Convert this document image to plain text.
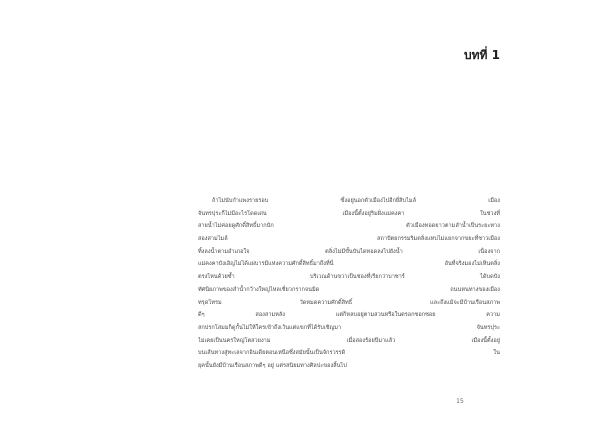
บทที่ 1
ถ้าไม่นับกำแพงรายรอบ ซึ่งอยู่นอกตัวเมืองไปอีกยี่สิบไมล์ เมือง
จันทรปุระก็ไม่มีอะไรโดดเด่น เมืองนี้ตั้งอยู่ริมฝั่งแม่คงคา ในช่วงที่
สายน้ำไม่ค่อยดูศักดิ์สิทธิ์มากนัก ตัวเมืองทอดยาวตามลำน้ำเป็นระยะทาง
สองสามไมล์ สถาปัตยกรรมริมตลิ่งแทบไม่แยกจากขยะที่ชาวเมือง
ทิ้งลงน้ำตามอำเภอใจ ตลิ่งไม่มีขั้นบันไดทอดลงไปยังน้ำ เนื่องจาก
แม่คงคาบังเอิญไม่ได้แผ่บารมีแห่งความศักดิ์สิทธิ์มาถึงที่นี่ อันที่จริงมองไม่เห็นตลิ่ง
ตรงไหนด้วยซ้ำ บริเวณด้านขวาเป็นช่องที่เรียกว่าบาซาร์ ได้บดบัง
ทัศนียภาพของลำน้ำกว้างใหญ่ไหลเชี่ยวกรากจนมิด ถนนหนทางของเมือง
ทรุดโทรม วัดหมดความศักดิ์สิทธิ์ และถึงแม้จะมีบ้านเรือนสภาพ
ดีๆ สองสามหลัง แต่ก็หลบอยู่ตามสวนหรือในตรอกซอกซอย ความ
สกปรกโสมมก็ดูกั้นไม่ให้ใครเข้าถึงเว้นแต่แขกที่ได้รับเชิญมา จันทรปุระ
ไม่เคยเป็นนครใหญ่โตสวยงาม เมื่อสองร้อยปีมาแล้ว เมืองนี้ตั้งอยู่
บนเส้นทางสู่ทะเลจากอินเดียตอนเหนือซึ่งสมัยนั้นเป็นจักรวรรดิ ใน
ยุคนั้นยังมีบ้านเรือนสภาพดีๆ อยู่ แต่รสนิยมทางศิลปะของสิ้นไป
15
